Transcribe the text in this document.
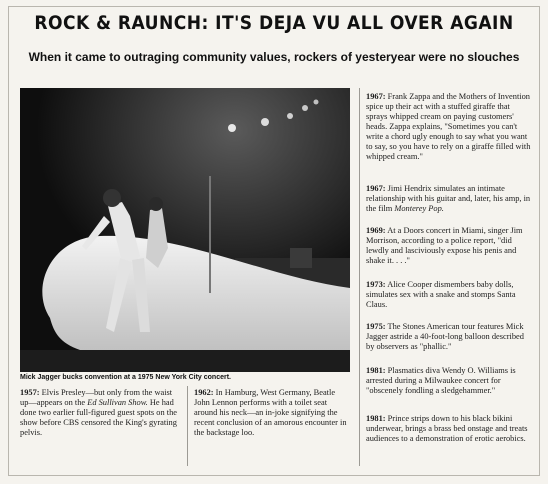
ROCK & RAUNCH: IT'S DEJA VU ALL OVER AGAIN
When it came to outraging community values, rockers of yesteryear were no slouches
Mick Jagger bucks convention at a 1975 New York City concert.

1957: Elvis Presley—but only from the waist up—appears on the Ed Sullivan Show. He had done two earlier full-figured guest spots on the show before CBS censored the King's gyrating pelvis.

1962: In Hamburg, West Germany, Beatle John Lennon performs with a toilet seat around his neck—an in-joke signifying the recent conclusion of an amorous encounter in the backstage loo.

1967: Frank Zappa and the Mothers of Invention spice up their act with a stuffed giraffe that sprays whipped cream on paying customers' heads. Zappa explains, "Sometimes you can't write a chord ugly enough to say what you want to say, so you have to rely on a giraffe filled with whipped cream."

1967: Jimi Hendrix simulates an intimate relationship with his guitar and, later, his amp, in the film Monterey Pop.

1969: At a Doors concert in Miami, singer Jim Morrison, according to a police report, "did lewdly and lasciviously expose his penis and shake it. . . ."

1973: Alice Cooper dismembers baby dolls, simulates sex with a snake and stomps Santa Claus.

1975: The Stones American tour features Mick Jagger astride a 40-foot-long balloon described by observers as "phallic."

1981: Plasmatics diva Wendy O. Williams is arrested during a Milwaukee concert for "obscenely fondling a sledgehammer."

1981: Prince strips down to his black bikini underwear, brings a brass bed onstage and treats audiences to a demonstration of erotic aerobics.
